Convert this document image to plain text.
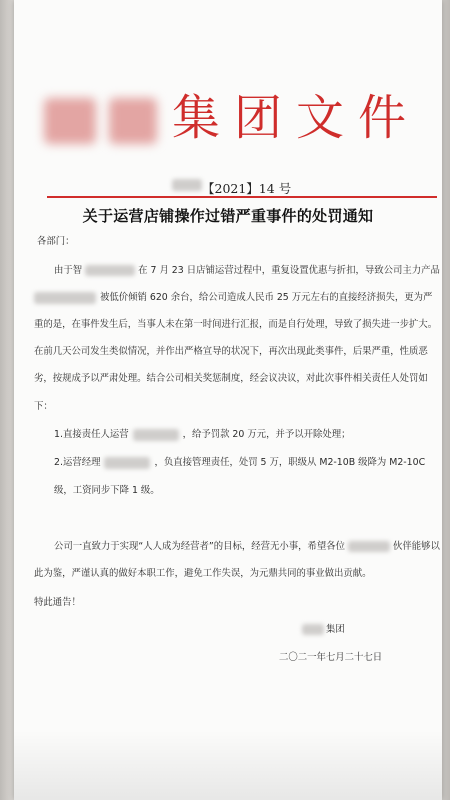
集团文件
【2021】14 号
关于运营店铺操作过错严重事件的处罚通知
各部门：
由于智	在 7 月 23 日店铺运营过程中，重复设置优惠与折扣，导致公司主力产品
被低价倾销 620 余台，给公司造成人民币 25 万元左右的直接经济损失，更为严
重的是，在事件发生后，当事人未在第一时间进行汇报，而是自行处理，导致了损失进一步扩大。
在前几天公司发生类似情况，并作出严格宣导的状况下，再次出现此类事件，后果严重，性质恶
劣，按规成予以严肃处理。结合公司相关奖惩制度，经会议决议，对此次事件相关责任人处罚如
下：
1.直接责任人运营	，给予罚款 20 万元，并予以开除处理；
2.运营经理	，负直接管理责任，处罚 5 万，职级从 M2-10B 级降为 M2-10C
级，工资同步下降 1 级。
公司一直致力于实现“人人成为经营者”的目标，经营无小事，希望各位	伙伴能够以
此为鉴，严谨认真的做好本职工作，避免工作失误，为元鼎共同的事业做出贡献。
特此通告！
集团
二〇二一年七月二十七日
